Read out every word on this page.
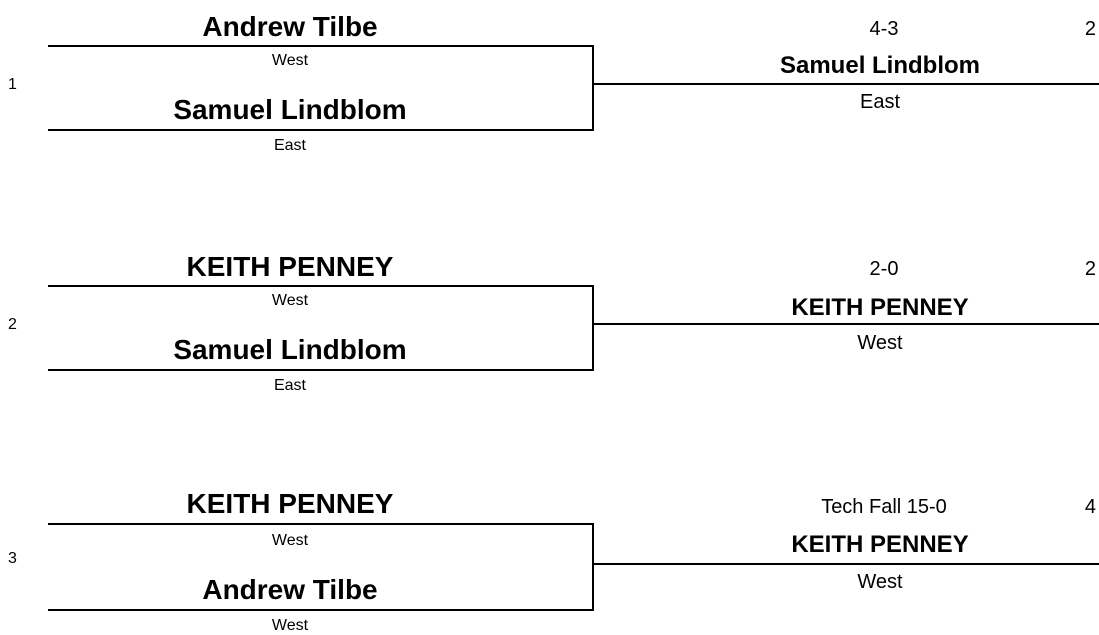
1
Andrew Tilbe
West
Samuel Lindblom
East
4-3	2
Samuel Lindblom
East
2
KEITH PENNEY
West
Samuel Lindblom
East
2-0	2
KEITH PENNEY
West
3
KEITH PENNEY
West
Andrew Tilbe
West
Tech Fall 15-0	4
KEITH PENNEY
West
